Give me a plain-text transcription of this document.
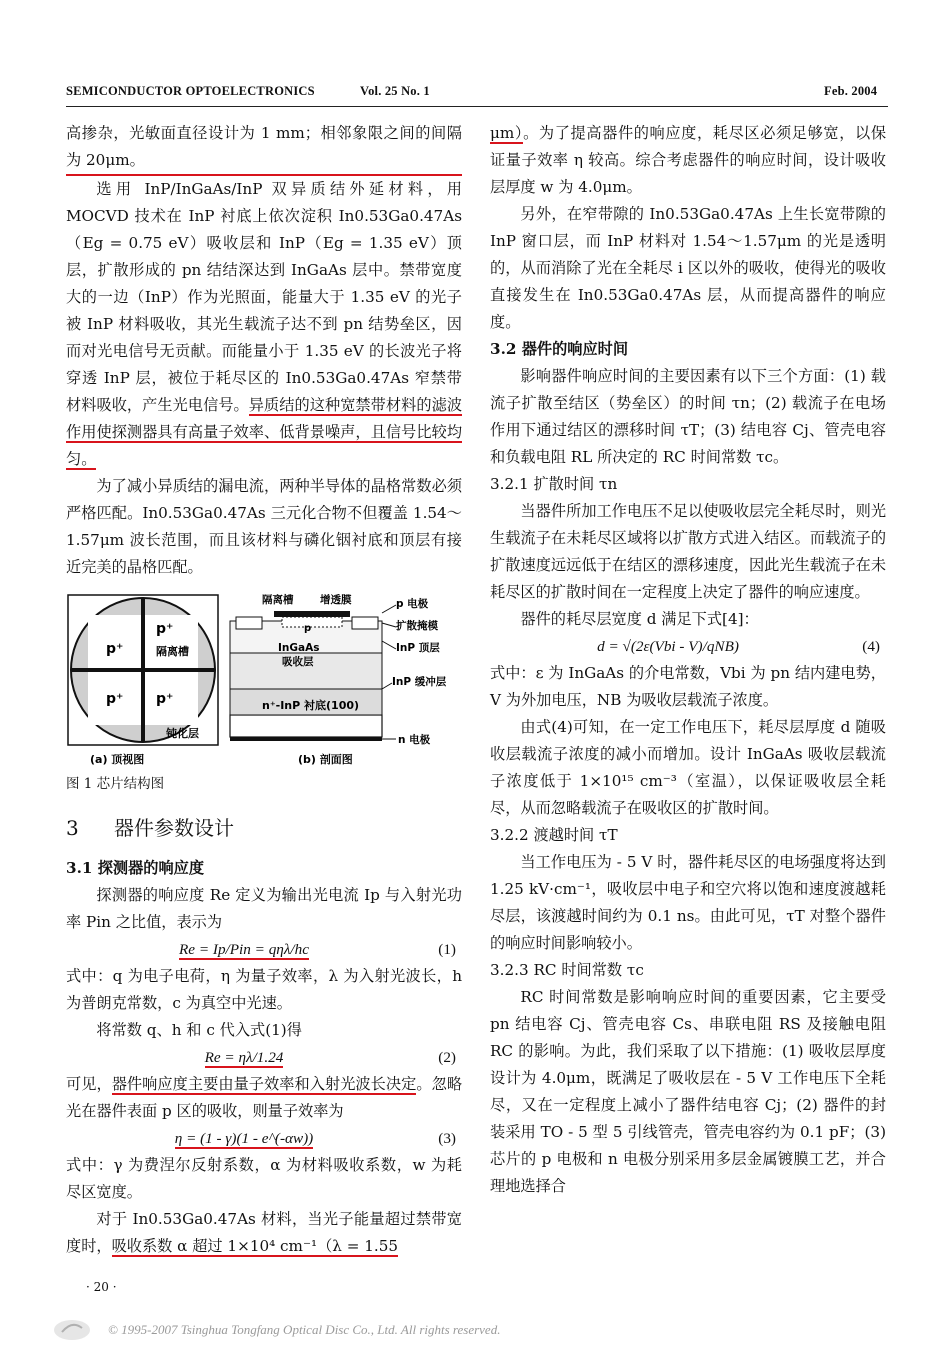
SEMICONDUCTOR OPTOELECTRONICS	Vol. 25 No. 1	Feb. 2004

高掺杂，光敏面直径设计为 1 mm；相邻象限之间的间隔为 20μm。

选用 InP/InGaAs/InP 双异质结外延材料，用 MOCVD 技术在 InP 衬底上依次淀积 In0.53Ga0.47As（Eg = 0.75 eV）吸收层和 InP（Eg = 1.35 eV）顶层，扩散形成的 pn 结结深达到 InGaAs 层中。禁带宽度大的一边（InP）作为光照面，能量大于 1.35 eV 的光子被 InP 材料吸收，其光生载流子达不到 pn 结势垒区，因而对光电信号无贡献。而能量小于 1.35 eV 的长波光子将穿透 InP 层，被位于耗尽区的 In0.53Ga0.47As 窄禁带材料吸收，产生光电信号。异质结的这种宽禁带材料的滤波作用使探测器具有高量子效率、低背景噪声，且信号比较均匀。

为了减小异质结的漏电流，两种半导体的晶格常数必须严格匹配。In0.53Ga0.47As 三元化合物不但覆盖 1.54～1.57μm 波长范围，而且该材料与磷化铟衬底和顶层有接近完美的晶格匹配。

p⁺
p⁺
p⁺ p⁺
隔离槽
钝化层
(a) 顶视图
p
InGaAs
吸收层
n⁺-InP 衬底(100)
隔离槽	增透膜	p 电极
扩散掩模
InP 顶层
InP 缓冲层
n 电极
(b) 剖面图

图 1 芯片结构图

3 器件参数设计

3.1 探测器的响应度

探测器的响应度 Re 定义为输出光电流 Ip 与入射光功率 Pin 之比值，表示为

Re = Ip/Pin = qηλ/hc	(1)

式中：q 为电子电荷，η 为量子效率，λ 为入射光波长，h 为普朗克常数，c 为真空中光速。

将常数 q、h 和 c 代入式(1)得

Re = ηλ/1.24	(2)

可见，器件响应度主要由量子效率和入射光波长决定。忽略光在器件表面 p 区的吸收，则量子效率为

η = (1 - γ)(1 - e^(-αw))	(3)

式中：γ 为费涅尔反射系数，α 为材料吸收系数，w 为耗尽区宽度。

对于 In0.53Ga0.47As 材料，当光子能量超过禁带宽度时，吸收系数 α 超过 1×10⁴ cm⁻¹（λ = 1.55

μm）。为了提高器件的响应度，耗尽区必须足够宽，以保证量子效率 η 较高。综合考虑器件的响应时间，设计吸收层厚度 w 为 4.0μm。

另外，在窄带隙的 In0.53Ga0.47As 上生长宽带隙的 InP 窗口层，而 InP 材料对 1.54～1.57μm 的光是透明的，从而消除了光在全耗尽 i 区以外的吸收，使得光的吸收直接发生在 In0.53Ga0.47As 层，从而提高器件的响应度。

3.2 器件的响应时间

影响器件响应时间的主要因素有以下三个方面：(1) 载流子扩散至结区（势垒区）的时间 τn；(2) 载流子在电场作用下通过结区的漂移时间 τT；(3) 结电容 Cj、管壳电容和负载电阻 RL 所决定的 RC 时间常数 τc。

3.2.1 扩散时间 τn

当器件所加工作电压不足以使吸收层完全耗尽时，则光生载流子在未耗尽区域将以扩散方式进入结区。而载流子的扩散速度远远低于在结区的漂移速度，因此光生载流子在未耗尽区的扩散时间在一定程度上决定了器件的响应速度。

器件的耗尽层宽度 d 满足下式[4]：

d = √(2ε(Vbi - V)/qNB)	(4)

式中：ε 为 InGaAs 的介电常数，Vbi 为 pn 结内建电势，V 为外加电压，NB 为吸收层载流子浓度。

由式(4)可知，在一定工作电压下，耗尽层厚度 d 随吸收层载流子浓度的减小而增加。设计 InGaAs 吸收层载流子浓度低于 1×10¹⁵ cm⁻³（室温），以保证吸收层全耗尽，从而忽略载流子在吸收区的扩散时间。

3.2.2 渡越时间 τT

当工作电压为 - 5 V 时，器件耗尽区的电场强度将达到 1.25 kV·cm⁻¹，吸收层中电子和空穴将以饱和速度渡越耗尽层，该渡越时间约为 0.1 ns。由此可见，τT 对整个器件的响应时间影响较小。

3.2.3 RC 时间常数 τc

RC 时间常数是影响响应时间的重要因素，它主要受 pn 结电容 Cj、管壳电容 Cs、串联电阻 RS 及接触电阻 RC 的影响。为此，我们采取了以下措施：(1) 吸收层厚度设计为 4.0μm，既满足了吸收层在 - 5 V 工作电压下全耗尽，又在一定程度上减小了器件结电容 Cj；(2) 器件的封装采用 TO - 5 型 5 引线管壳，管壳电容约为 0.1 pF；(3) 芯片的 p 电极和 n 电极分别采用多层金属镀膜工艺，并合理地选择合

· 20 ·
© 1995-2007 Tsinghua Tongfang Optical Disc Co., Ltd. All rights reserved.
